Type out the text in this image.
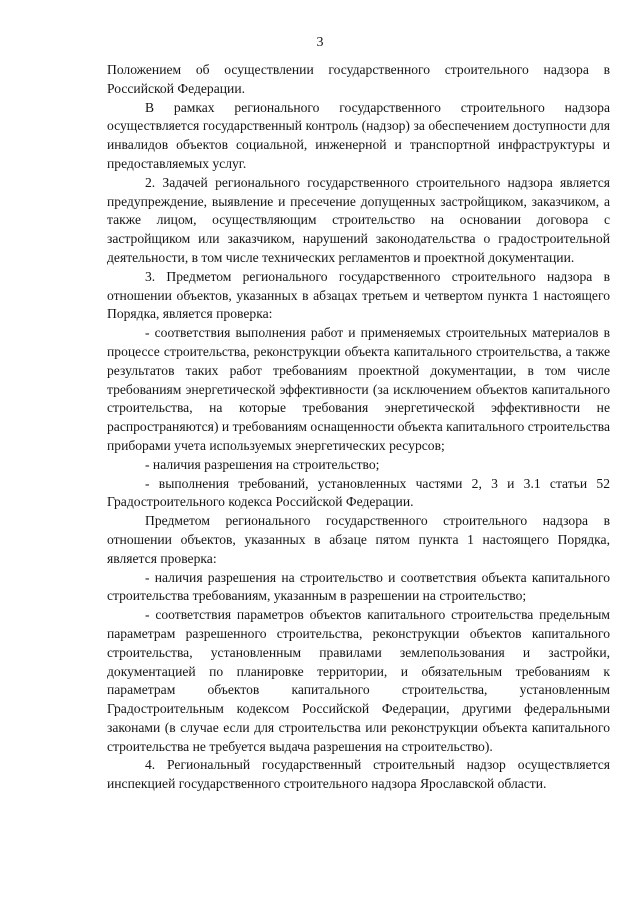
3

Положением об осуществлении государственного строительного надзора в Российской Федерации.

В рамках регионального государственного строительного надзора осуществляется государственный контроль (надзор) за обеспечением доступности для инвалидов объектов социальной, инженерной и транспортной инфраструктуры и предоставляемых услуг.

2. Задачей регионального государственного строительного надзора является предупреждение, выявление и пресечение допущенных застройщиком, заказчиком, а также лицом, осуществляющим строительство на основании договора с застройщиком или заказчиком, нарушений законодательства о градостроительной деятельности, в том числе технических регламентов и проектной документации.

3. Предметом регионального государственного строительного надзора в отношении объектов, указанных в абзацах третьем и четвертом пункта 1 настоящего Порядка, является проверка:

- соответствия выполнения работ и применяемых строительных материалов в процессе строительства, реконструкции объекта капитального строительства, а также результатов таких работ требованиям проектной документации, в том числе требованиям энергетической эффективности (за исключением объектов капитального строительства, на которые требования энергетической эффективности не распространяются) и требованиям оснащенности объекта капитального строительства приборами учета используемых энергетических ресурсов;

- наличия разрешения на строительство;

- выполнения требований, установленных частями 2, 3 и 3.1 статьи 52 Градостроительного кодекса Российской Федерации.

Предметом регионального государственного строительного надзора в отношении объектов, указанных в абзаце пятом пункта 1 настоящего Порядка, является проверка:

- наличия разрешения на строительство и соответствия объекта капитального строительства требованиям, указанным в разрешении на строительство;

- соответствия параметров объектов капитального строительства предельным параметрам разрешенного строительства, реконструкции объектов капитального строительства, установленным правилами землепользования и застройки, документацией по планировке территории, и обязательным требованиям к параметрам объектов капитального строительства, установленным Градостроительным кодексом Российской Федерации, другими федеральными законами (в случае если для строительства или реконструкции объекта капитального строительства не требуется выдача разрешения на строительство).

4. Региональный государственный строительный надзор осуществляется инспекцией государственного строительного надзора Ярославской области.
